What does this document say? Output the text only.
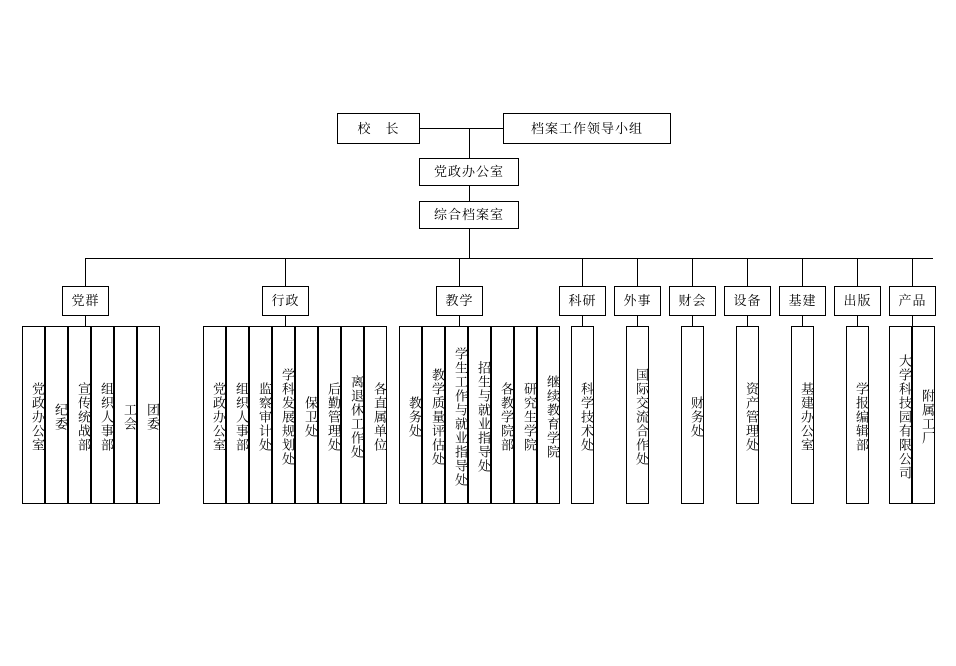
校　长	档案工作领导小组
党政办公室
综合档案室
党群	行政	教学	科研	外事	财会	设备	基建	出版	产品
党政办公室 纪委 宣传统战部 组织人事部 工会 团委	党政办公室 组织人事部 监察审计处 学科发展规划处 保卫处 后勤管理处 离退休工作处 各直属单位	教务处 教学质量评估处 学生工作与就业指导处 招生与就业指导处 各教学院部 研究生学院 继续教育学院	科学技术处	国际交流合作处	财务处	资产管理处	基建办公室	学报编辑部	大学科技园有限公司 附属工厂
